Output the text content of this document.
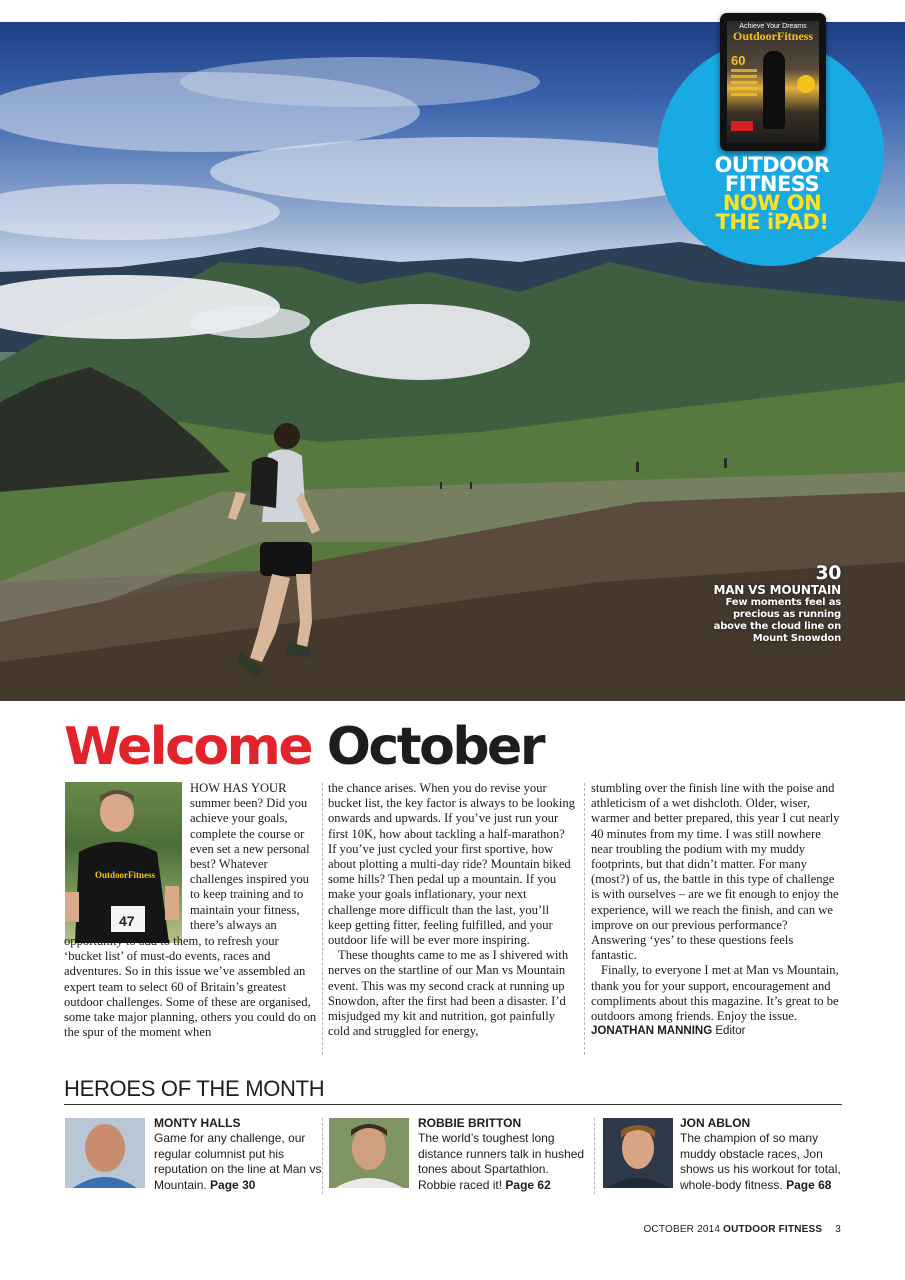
Achieve Your Dreams
OutdoorFitness
60
OUTDOOR
FITNESS
NOW ON
THE iPAD!
30
MAN VS MOUNTAIN
Few moments feel as
precious as running
above the cloud line on
Mount Snowdon
Welcome October
OutdoorFitness
47

HOW HAS YOUR summer been? Did you achieve your goals, complete the course or even set a new personal best? Whatever challenges inspired you to keep training and to maintain your fitness, there’s always an

opportunity to add to them, to refresh your ‘bucket list’ of must-do events, races and adventures. So in this issue we’ve assembled an expert team to select 60 of Britain’s greatest outdoor challenges. Some of these are organised, some take major planning, others you could do on the spur of the moment when

the chance arises. When you do revise your bucket list, the key factor is always to be looking onwards and upwards. If you’ve just run your first 10K, how about tackling a half-marathon? If you’ve just cycled your first sportive, how about plotting a multi-day ride? Mountain biked some hills? Then pedal up a mountain. If you make your goals inflationary, your next challenge more difficult than the last, you’ll keep getting fitter, feeling fulfilled, and your outdoor life will be ever more inspiring.

These thoughts came to me as I shivered with nerves on the startline of our Man vs Mountain event. This was my second crack at running up Snowdon, after the first had been a disaster. I’d misjudged my kit and nutrition, got painfully cold and struggled for energy,

stumbling over the finish line with the poise and athleticism of a wet dishcloth. Older, wiser, warmer and better prepared, this year I cut nearly 40 minutes from my time. I was still nowhere near troubling the podium with my muddy footprints, but that didn’t matter. For many (most?) of us, the battle in this type of challenge is with ourselves – are we fit enough to enjoy the experience, will we reach the finish, and can we improve on our previous performance? Answering ‘yes’ to these questions feels fantastic.

Finally, to everyone I met at Man vs Mountain, thank you for your support, encouragement and compliments about this magazine. It’s great to be outdoors among friends. Enjoy the issue.

JONATHAN MANNING Editor

HEROES OF THE MONTH
MONTY HALLS
Game for any challenge, our regular columnist put his reputation on the line at Man vs Mountain. Page 30
ROBBIE BRITTON
The world’s toughest long distance runners talk in hushed tones about Spartathlon. Robbie raced it! Page 62
JON ABLON
The champion of so many muddy obstacle races, Jon shows us his workout for total, whole-body fitness. Page 68
OCTOBER 2014 OUTDOOR FITNESS 3
